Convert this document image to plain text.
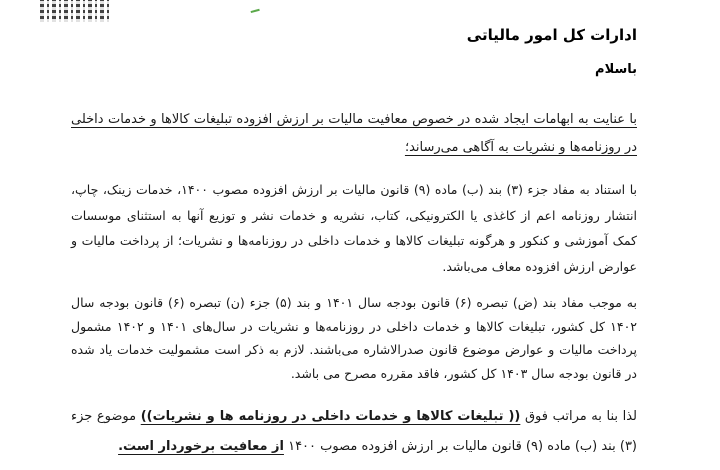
ادارات کل امور مالیاتی
باسلام
با عنایت به ابهامات ایجاد شده در خصوص معافیت مالیات بر ارزش افزوده تبلیغات کالاها و خدمات داخلی در روزنامه‌ها و نشریات به آگاهی می‌رساند؛
با استناد به مفاد جزء (۳) بند (ب) ماده (۹) قانون مالیات بر ارزش افزوده مصوب ۱۴۰۰، خدمات زینک، چاپ، انتشار روزنامه اعم از کاغذی یا الکترونیکی، کتاب، نشریه و خدمات نشر و توزیع آنها به استثنای موسسات کمک آموزشی و کنکور و هرگونه تبلیغات کالاها و خدمات داخلی در روزنامه‌ها و نشریات؛ از پرداخت مالیات و عوارض ارزش افزوده معاف می‌باشد.
به موجب مفاد بند (ض) تبصره (۶) قانون بودجه سال ۱۴۰۱ و بند (۵) جزء (ن) تبصره (۶) قانون بودجه سال ۱۴۰۲ کل کشور، تبلیغات کالاها و خدمات داخلی در روزنامه‌ها و نشریات در سال‌های ۱۴۰۱ و ۱۴۰۲ مشمول پرداخت مالیات و عوارض موضوع قانون صدرالاشاره می‌باشند. لازم به ذکر است مشمولیت خدمات یاد شده در قانون بودجه سال ۱۴۰۳ کل کشور، فاقد مقرره مصرح می باشد.
لذا بنا به مراتب فوق (( تبلیغات کالاها و خدمات داخلی در روزنامه ها و نشریات)) موضوع جزء (۳) بند (ب) ماده (۹) قانون مالیات بر ارزش افزوده مصوب ۱۴۰۰ از معافیت برخوردار است.
